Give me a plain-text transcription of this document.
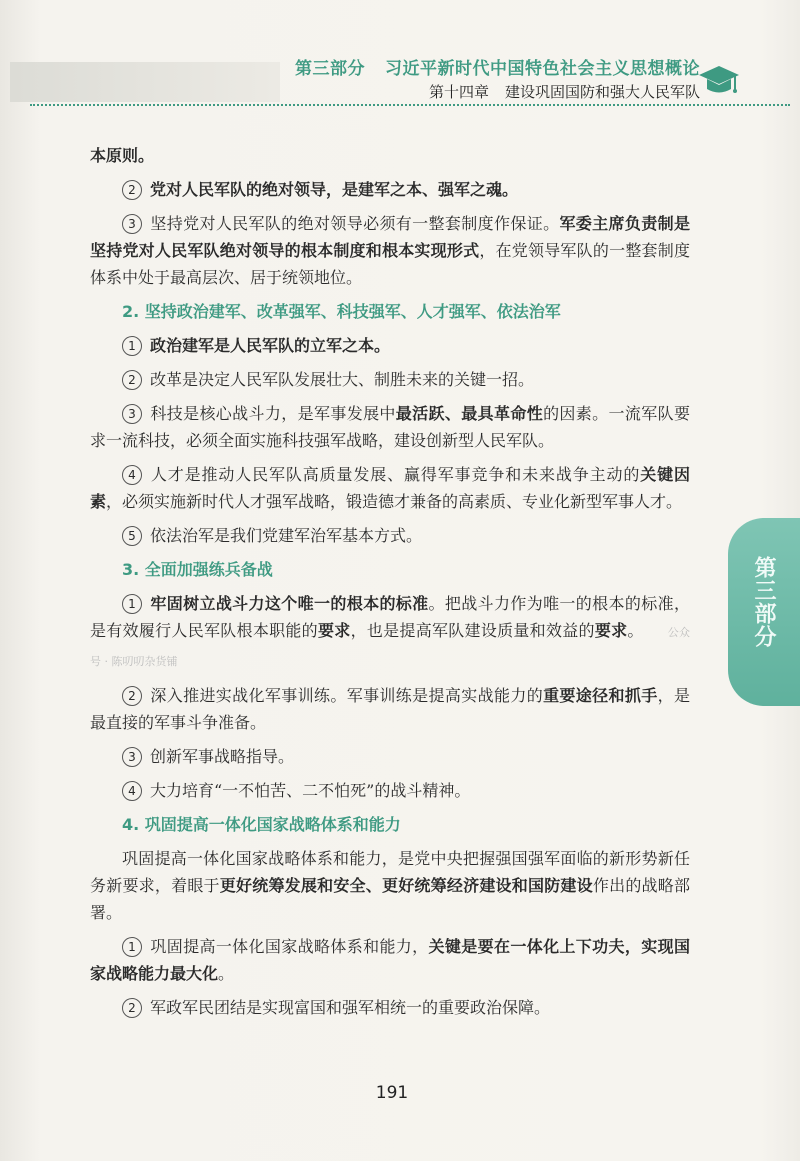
第三部分 习近平新时代中国特色社会主义思想概论
第十四章 建设巩固国防和强大人民军队

本原则。

2 党对人民军队的绝对领导，是建军之本、强军之魂。

3 坚持党对人民军队的绝对领导必须有一整套制度作保证。军委主席负责制是坚持党对人民军队绝对领导的根本制度和根本实现形式，在党领导军队的一整套制度体系中处于最高层次、居于统领地位。

2. 坚持政治建军、改革强军、科技强军、人才强军、依法治军

1 政治建军是人民军队的立军之本。

2 改革是决定人民军队发展壮大、制胜未来的关键一招。

3 科技是核心战斗力，是军事发展中最活跃、最具革命性的因素。一流军队要求一流科技，必须全面实施科技强军战略，建设创新型人民军队。

4 人才是推动人民军队高质量发展、赢得军事竞争和未来战争主动的关键因素，必须实施新时代人才强军战略，锻造德才兼备的高素质、专业化新型军事人才。

5 依法治军是我们党建军治军基本方式。

3. 全面加强练兵备战

1 牢固树立战斗力这个唯一的根本的标准。把战斗力作为唯一的根本的标准，是有效履行人民军队根本职能的要求，也是提高军队建设质量和效益的要求。 公众号 · 陈叨叨杂货铺

2 深入推进实战化军事训练。军事训练是提高实战能力的重要途径和抓手，是最直接的军事斗争准备。

3 创新军事战略指导。

4 大力培育“一不怕苦、二不怕死”的战斗精神。

4. 巩固提高一体化国家战略体系和能力

巩固提高一体化国家战略体系和能力，是党中央把握强国强军面临的新形势新任务新要求，着眼于更好统筹发展和安全、更好统筹经济建设和国防建设作出的战略部署。

1 巩固提高一体化国家战略体系和能力，关键是要在一体化上下功夫，实现国家战略能力最大化。

2 军政军民团结是实现富国和强军相统一的重要政治保障。

第三部分
191
